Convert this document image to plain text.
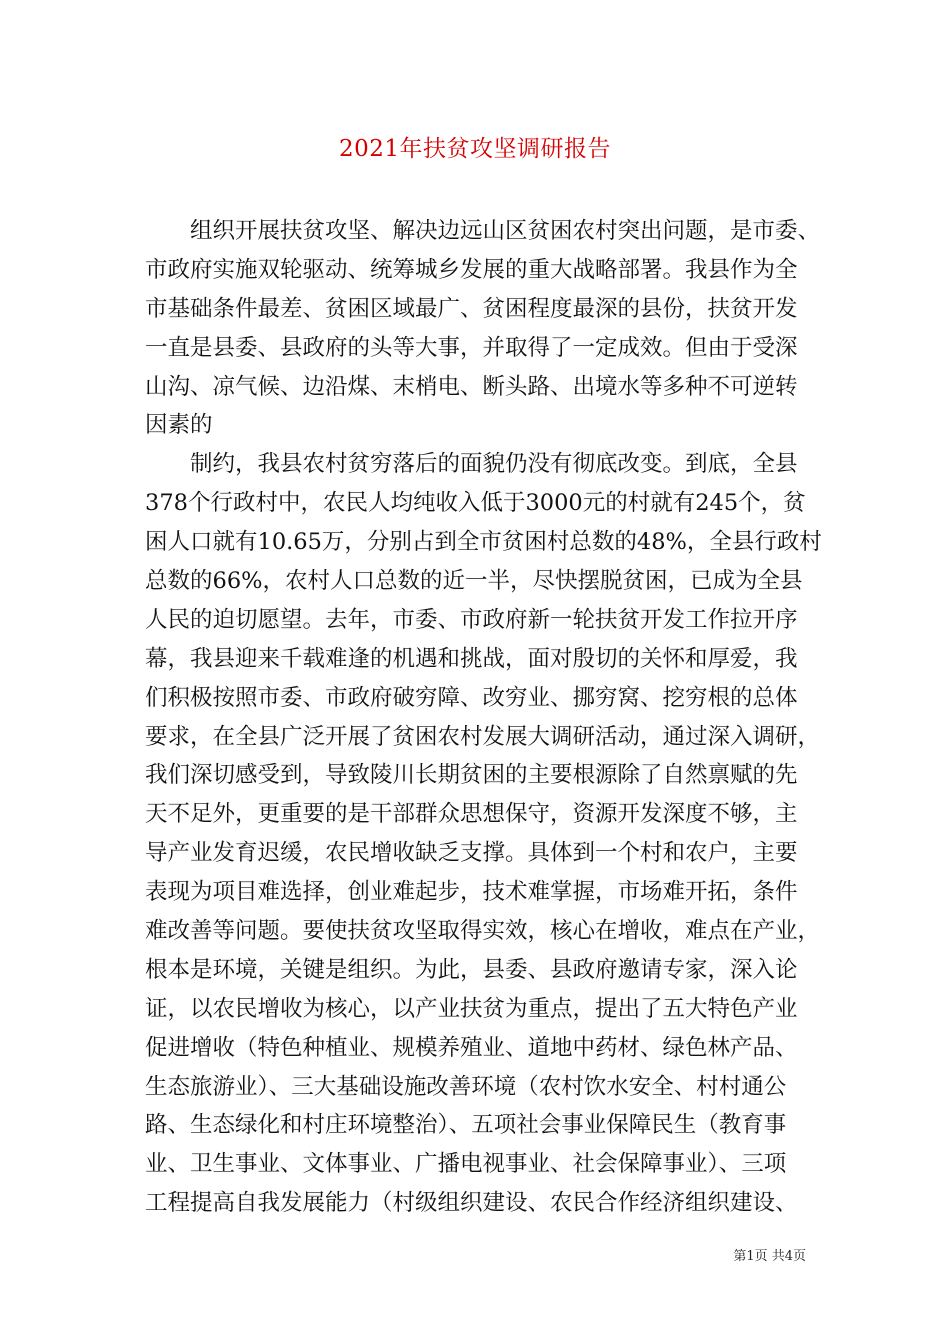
2021年扶贫攻坚调研报告
　　组织开展扶贫攻坚、解决边远山区贫困农村突出问题，是市委、
市政府实施双轮驱动、统筹城乡发展的重大战略部署。我县作为全
市基础条件最差、贫困区域最广、贫困程度最深的县份，扶贫开发
一直是县委、县政府的头等大事，并取得了一定成效。但由于受深
山沟、凉气候、边沿煤、末梢电、断头路、出境水等多种不可逆转
因素的
　　制约，我县农村贫穷落后的面貌仍没有彻底改变。到底，全县
378个行政村中，农民人均纯收入低于3000元的村就有245个，贫
困人口就有10.65万，分别占到全市贫困村总数的48%，全县行政村
总数的66%，农村人口总数的近一半，尽快摆脱贫困，已成为全县
人民的迫切愿望。去年，市委、市政府新一轮扶贫开发工作拉开序
幕，我县迎来千载难逢的机遇和挑战，面对殷切的关怀和厚爱，我
们积极按照市委、市政府破穷障、改穷业、挪穷窝、挖穷根的总体
要求，在全县广泛开展了贫困农村发展大调研活动，通过深入调研，
我们深切感受到，导致陵川长期贫困的主要根源除了自然禀赋的先
天不足外，更重要的是干部群众思想保守，资源开发深度不够，主
导产业发育迟缓，农民增收缺乏支撑。具体到一个村和农户，主要
表现为项目难选择，创业难起步，技术难掌握，市场难开拓，条件
难改善等问题。要使扶贫攻坚取得实效，核心在增收，难点在产业，
根本是环境，关键是组织。为此，县委、县政府邀请专家，深入论
证，以农民增收为核心，以产业扶贫为重点，提出了五大特色产业
促进增收（特色种植业、规模养殖业、道地中药材、绿色林产品、
生态旅游业）、三大基础设施改善环境（农村饮水安全、村村通公
路、生态绿化和村庄环境整治）、五项社会事业保障民生（教育事
业、卫生事业、文体事业、广播电视事业、社会保障事业）、三项
工程提高自我发展能力（村级组织建设、农民合作经济组织建设、
第1页 共4页
